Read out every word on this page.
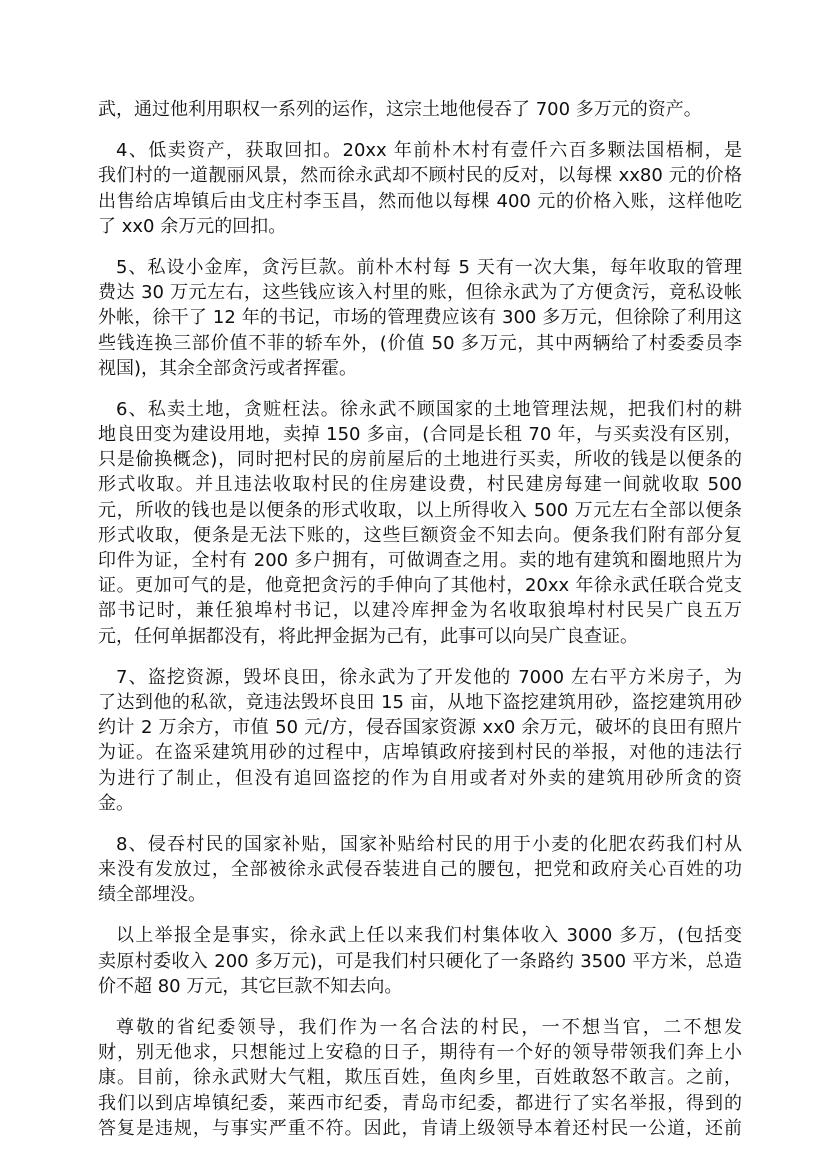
武，通过他利用职权一系列的运作，这宗土地他侵吞了 700 多万元的资产。
4、低卖资产，获取回扣。20xx 年前朴木村有壹仟六百多颗法国梧桐，是
我们村的一道靓丽风景，然而徐永武却不顾村民的反对，以每棵 xx80 元的价格
出售给店埠镇后由戈庄村李玉昌，然而他以每棵 400 元的价格入账，这样他吃
了 xx0 余万元的回扣。
5、私设小金库，贪污巨款。前朴木村每 5 天有一次大集，每年收取的管理
费达 30 万元左右，这些钱应该入村里的账，但徐永武为了方便贪污，竟私设帐
外帐，徐干了 12 年的书记，市场的管理费应该有 300 多万元，但徐除了利用这
些钱连换三部价值不菲的轿车外，(价值 50 多万元，其中两辆给了村委委员李
视国)，其余全部贪污或者挥霍。
6、私卖土地，贪赃枉法。徐永武不顾国家的土地管理法规，把我们村的耕
地良田变为建设用地，卖掉 150 多亩，(合同是长租 70 年，与买卖没有区别，
只是偷换概念)，同时把村民的房前屋后的土地进行买卖，所收的钱是以便条的
形式收取。并且违法收取村民的住房建设费，村民建房每建一间就收取 500
元，所收的钱也是以便条的形式收取，以上所得收入 500 万元左右全部以便条
形式收取，便条是无法下账的，这些巨额资金不知去向。便条我们附有部分复
印件为证，全村有 200 多户拥有，可做调查之用。卖的地有建筑和圈地照片为
证。更加可气的是，他竟把贪污的手伸向了其他村，20xx 年徐永武任联合党支
部书记时，兼任狼埠村书记，以建冷库押金为名收取狼埠村村民吴广良五万
元，任何单据都没有，将此押金据为己有，此事可以向吴广良查证。
7、盗挖资源，毁坏良田，徐永武为了开发他的 7000 左右平方米房子，为
了达到他的私欲，竟违法毁坏良田 15 亩，从地下盗挖建筑用砂，盗挖建筑用砂
约计 2 万余方，市值 50 元/方，侵吞国家资源 xx0 余万元，破坏的良田有照片
为证。在盗采建筑用砂的过程中，店埠镇政府接到村民的举报，对他的违法行
为进行了制止，但没有追回盗挖的作为自用或者对外卖的建筑用砂所贪的资
金。
8、侵吞村民的国家补贴，国家补贴给村民的用于小麦的化肥农药我们村从
来没有发放过，全部被徐永武侵吞装进自己的腰包，把党和政府关心百姓的功
绩全部埋没。
以上举报全是事实，徐永武上任以来我们村集体收入 3000 多万，(包括变
卖原村委收入 200 多万元)，可是我们村只硬化了一条路约 3500 平方米，总造
价不超 80 万元，其它巨款不知去向。
尊敬的省纪委领导，我们作为一名合法的村民，一不想当官，二不想发
财，别无他求，只想能过上安稳的日子，期待有一个好的领导带领我们奔上小
康。目前，徐永武财大气粗，欺压百姓，鱼肉乡里，百姓敢怒不敢言。之前，
我们以到店埠镇纪委，莱西市纪委，青岛市纪委，都进行了实名举报，得到的
答复是违规，与事实严重不符。因此，肯请上级领导本着还村民一公道，还前
